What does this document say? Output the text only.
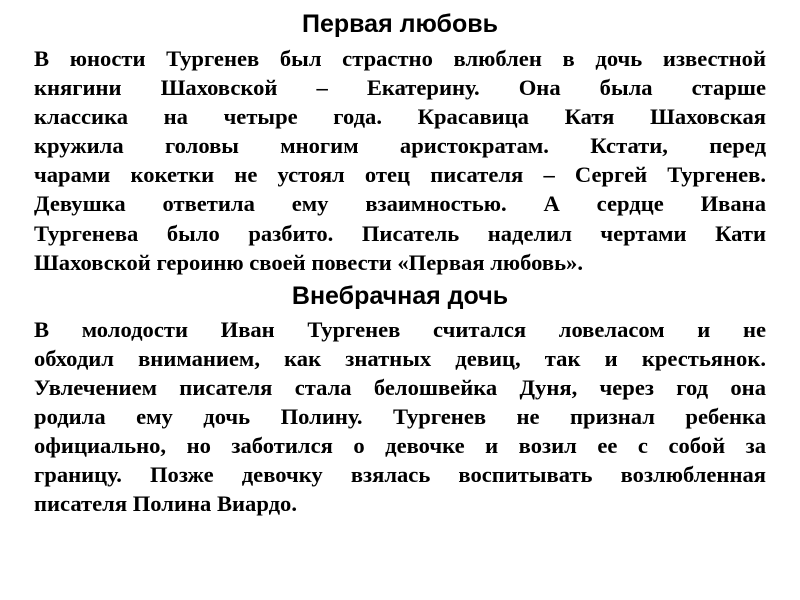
Первая любовь
В юности Тургенев был страстно влюблен в дочь известной
княгини Шаховской – Екатерину. Она была старше
классика на четыре года. Красавица Катя Шаховская
кружила головы многим аристократам. Кстати, перед
чарами кокетки не устоял отец писателя – Сергей Тургенев.
Девушка ответила ему взаимностью. А сердце Ивана
Тургенева было разбито. Писатель наделил чертами Кати
Шаховской героиню своей повести «Первая любовь».
Внебрачная дочь
В молодости Иван Тургенев считался ловеласом и не
обходил вниманием, как знатных девиц, так и крестьянок.
Увлечением писателя стала белошвейка Дуня, через год она
родила ему дочь Полину. Тургенев не признал ребенка
официально, но заботился о девочке и возил ее с собой за
границу. Позже девочку взялась воспитывать возлюбленная
писателя Полина Виардо.
